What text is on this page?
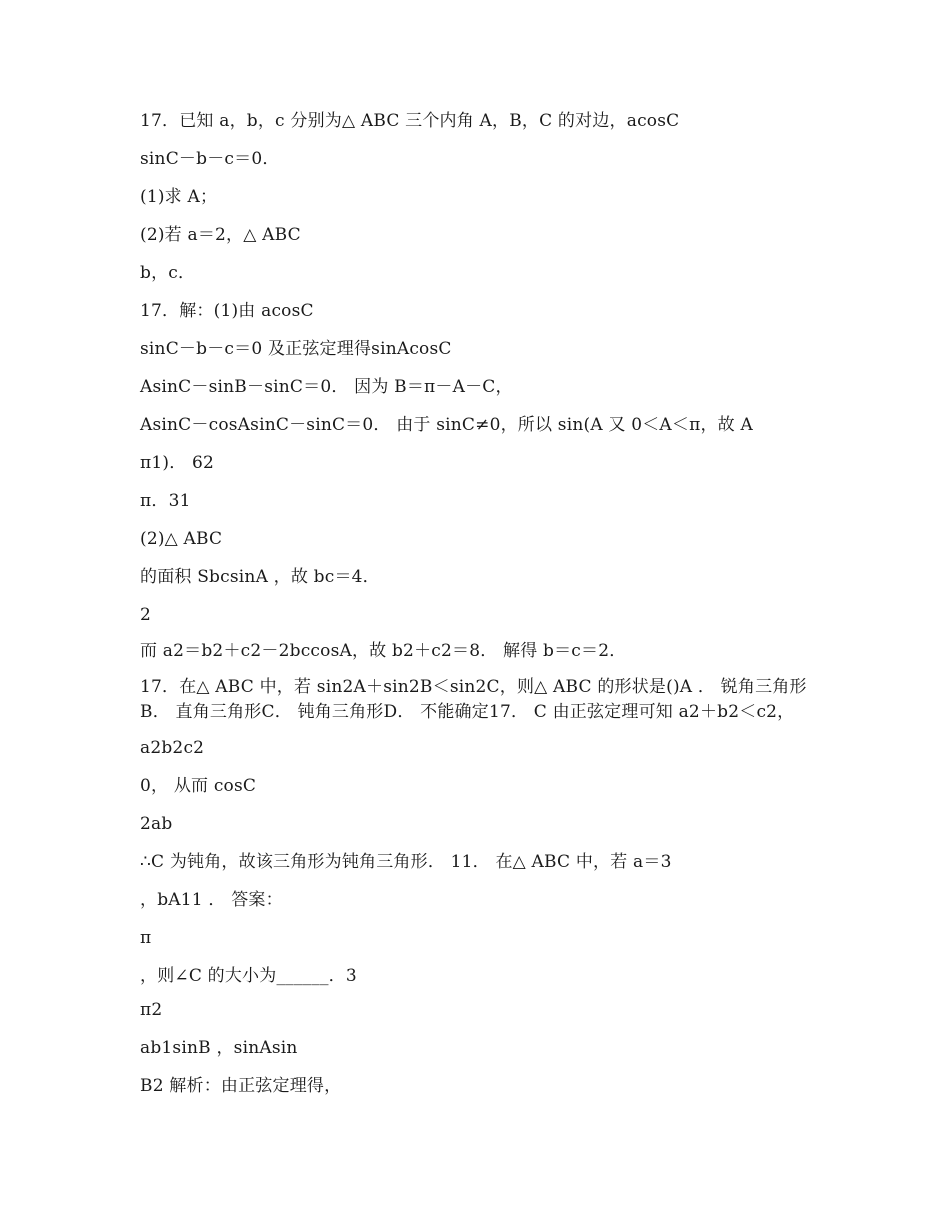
17．已知 a，b，c 分别为△ ABC 三个内角 A，B，C 的对边，acosC
sinC－b－c＝0．
(1)求 A；
(2)若 a＝2，△ ABC
b，c．
17．解：(1)由 acosC
sinC－b－c＝0 及正弦定理得sinAcosC
AsinC－sinB－sinC＝0． 因为 B＝π－A－C，
AsinC－cosAsinC－sinC＝0． 由于 sinC≠0，所以 sin(A 又 0＜A＜π，故 A
π1)． 62
π．31
(2)△ ABC
的面积 SbcsinA ，故 bc＝4．
2
而 a2＝b2＋c2－2bccosA，故 b2＋c2＝8． 解得 b＝c＝2．
17．在△ ABC 中，若 sin2A＋sin2B＜sin2C，则△ ABC 的形状是()A ． 锐角三角形B． 直角三角形C． 钝角三角形D． 不能确定17． C 由正弦定理可知 a2＋b2＜c2，
a2b2c2
0， 从而 cosC
2ab
∴C 为钝角，故该三角形为钝角三角形． 11． 在△ ABC 中，若 a＝3
，bA11 ． 答案：
π
，则∠C 的大小为______．3
π2
ab1sinB ，sinAsin
B2 解析：由正弦定理得，
